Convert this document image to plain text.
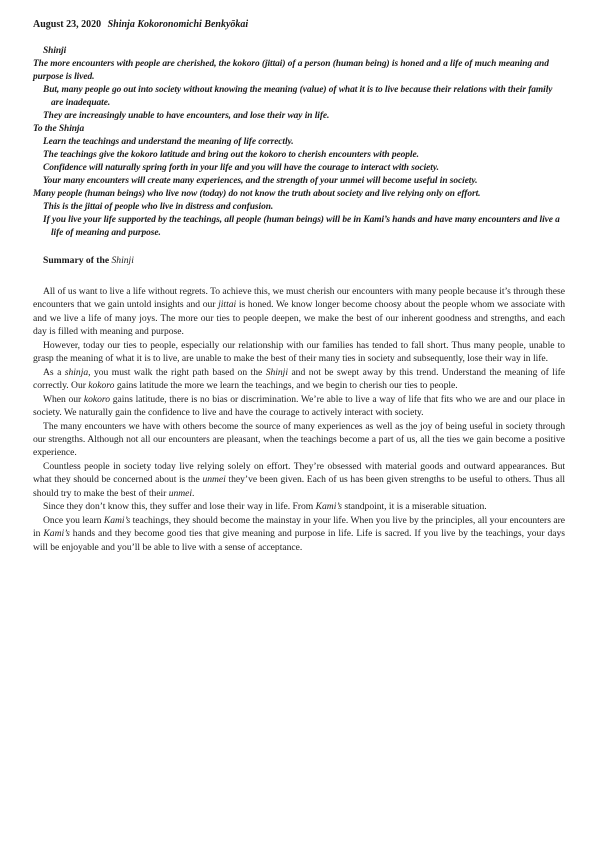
August 23, 2020 Shinja Kokoronomichi Benkyōkai

Shinji

The more encounters with people are cherished, the kokoro (jittai) of a person (human being) is honed and a life of much meaning and purpose is lived.

But, many people go out into society without knowing the meaning (value) of what it is to live because their relations with their family are inadequate.

They are increasingly unable to have encounters, and lose their way in life.

To the Shinja

Learn the teachings and understand the meaning of life correctly.

The teachings give the kokoro latitude and bring out the kokoro to cherish encounters with people.

Confidence will naturally spring forth in your life and you will have the courage to interact with society.

Your many encounters will create many experiences, and the strength of your unmei will become useful in society.

Many people (human beings) who live now (today) do not know the truth about society and live relying only on effort.

This is the jittai of people who live in distress and confusion.

If you live your life supported by the teachings, all people (human beings) will be in Kami’s hands and have many encounters and live a life of meaning and purpose.

Summary of the Shinji

All of us want to live a life without regrets. To achieve this, we must cherish our encounters with many people because it’s through these encounters that we gain untold insights and our jittai is honed. We know longer become choosy about the people whom we associate with and we live a life of many joys. The more our ties to people deepen, we make the best of our inherent goodness and strengths, and each day is filled with meaning and purpose.

However, today our ties to people, especially our relationship with our families has tended to fall short. Thus many people, unable to grasp the meaning of what it is to live, are unable to make the best of their many ties in society and subsequently, lose their way in life.

As a shinja, you must walk the right path based on the Shinji and not be swept away by this trend. Understand the meaning of life correctly. Our kokoro gains latitude the more we learn the teachings, and we begin to cherish our ties to people.

When our kokoro gains latitude, there is no bias or discrimination. We’re able to live a way of life that fits who we are and our place in society. We naturally gain the confidence to live and have the courage to actively interact with society.

The many encounters we have with others become the source of many experiences as well as the joy of being useful in society through our strengths. Although not all our encounters are pleasant, when the teachings become a part of us, all the ties we gain become a positive experience.

Countless people in society today live relying solely on effort. They’re obsessed with material goods and outward appearances. But what they should be concerned about is the unmei they’ve been given. Each of us has been given strengths to be useful to others. Thus all should try to make the best of their unmei.

Since they don’t know this, they suffer and lose their way in life. From Kami’s standpoint, it is a miserable situation.

Once you learn Kami’s teachings, they should become the mainstay in your life. When you live by the principles, all your encounters are in Kami’s hands and they become good ties that give meaning and purpose in life. Life is sacred. If you live by the teachings, your days will be enjoyable and you’ll be able to live with a sense of acceptance.
